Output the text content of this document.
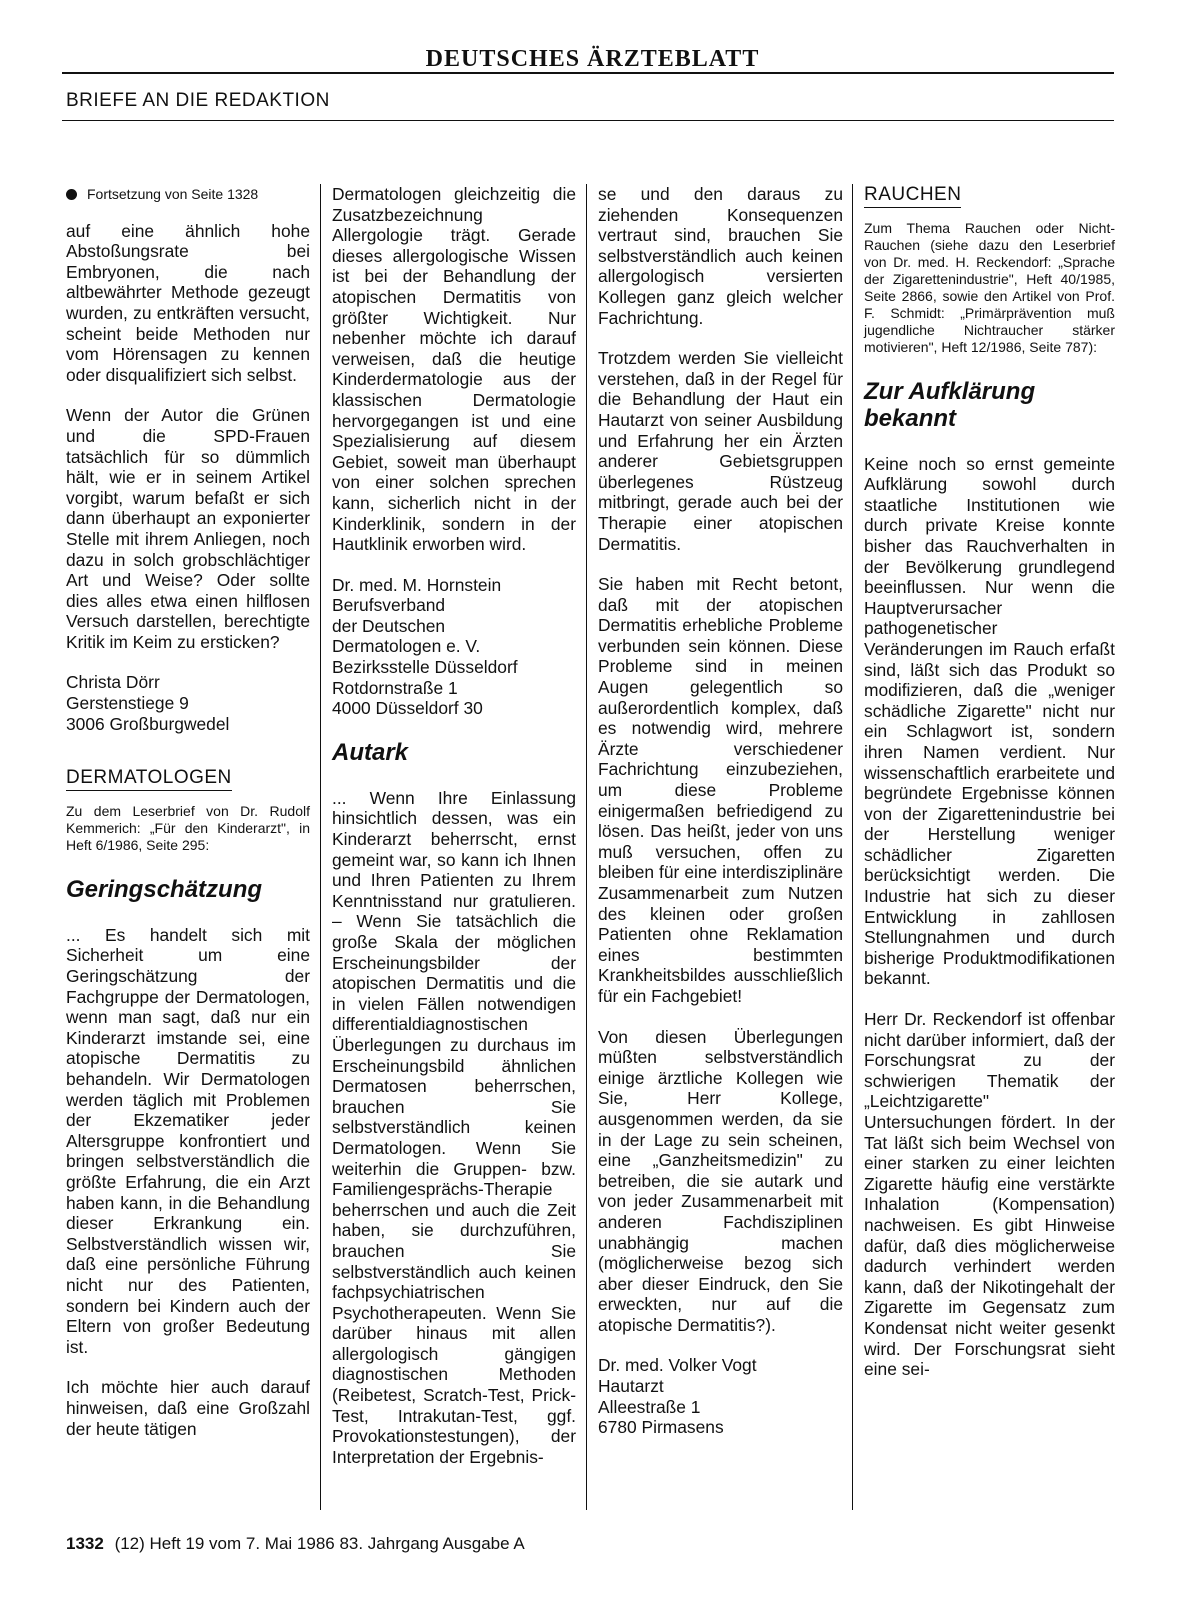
DEUTSCHES ÄRZTEBLATT
BRIEFE AN DIE REDAKTION
Fortsetzung von Seite 1328

auf eine ähnlich hohe Abstoßungsrate bei Embryonen, die nach altbewährter Methode gezeugt wurden, zu entkräften versucht, scheint beide Methoden nur vom Hörensagen zu kennen oder disqualifiziert sich selbst.

Wenn der Autor die Grünen und die SPD-Frauen tatsächlich für so dümmlich hält, wie er in seinem Artikel vorgibt, warum befaßt er sich dann überhaupt an exponierter Stelle mit ihrem Anliegen, noch dazu in solch grobschlächtiger Art und Weise? Oder sollte dies alles etwa einen hilflosen Versuch darstellen, berechtigte Kritik im Keim zu ersticken?

Christa Dörr
Gerstenstiege 9
3006 Großburgwedel
DERMATOLOGEN
Zu dem Leserbrief von Dr. Rudolf Kemmerich: „Für den Kinderarzt", in Heft 6/1986, Seite 295:
Geringschätzung

... Es handelt sich mit Sicherheit um eine Geringschätzung der Fachgruppe der Dermatologen, wenn man sagt, daß nur ein Kinderarzt imstande sei, eine atopische Dermatitis zu behandeln. Wir Dermatologen werden täglich mit Problemen der Ekzematiker jeder Altersgruppe konfrontiert und bringen selbstverständlich die größte Erfahrung, die ein Arzt haben kann, in die Behandlung dieser Erkrankung ein. Selbstverständlich wissen wir, daß eine persönliche Führung nicht nur des Patienten, sondern bei Kindern auch der Eltern von großer Bedeutung ist.

Ich möchte hier auch darauf hinweisen, daß eine Großzahl der heute tätigen

Dermatologen gleichzeitig die Zusatzbezeichnung Allergologie trägt. Gerade dieses allergologische Wissen ist bei der Behandlung der atopischen Dermatitis von größter Wichtigkeit. Nur nebenher möchte ich darauf verweisen, daß die heutige Kinderdermatologie aus der klassischen Dermatologie hervorgegangen ist und eine Spezialisierung auf diesem Gebiet, soweit man überhaupt von einer solchen sprechen kann, sicherlich nicht in der Kinderklinik, sondern in der Hautklinik erworben wird.

Dr. med. M. Hornstein
Berufsverband
der Deutschen
Dermatologen e. V.
Bezirksstelle Düsseldorf
Rotdornstraße 1
4000 Düsseldorf 30
Autark

... Wenn Ihre Einlassung hinsichtlich dessen, was ein Kinderarzt beherrscht, ernst gemeint war, so kann ich Ihnen und Ihren Patienten zu Ihrem Kenntnisstand nur gratulieren. – Wenn Sie tatsächlich die große Skala der möglichen Erscheinungsbilder der atopischen Dermatitis und die in vielen Fällen notwendigen differentialdiagnostischen Überlegungen zu durchaus im Erscheinungsbild ähnlichen Dermatosen beherrschen, brauchen Sie selbstverständlich keinen Dermatologen. Wenn Sie weiterhin die Gruppen- bzw. Familiengesprächs-Therapie beherrschen und auch die Zeit haben, sie durchzuführen, brauchen Sie selbstverständlich auch keinen fachpsychiatrischen Psychotherapeuten. Wenn Sie darüber hinaus mit allen allergologisch gängigen diagnostischen Methoden (Reibetest, Scratch-Test, Prick-Test, Intrakutan-Test, ggf. Provokationstestungen), der Interpretation der Ergebnis-

se und den daraus zu ziehenden Konsequenzen vertraut sind, brauchen Sie selbstverständlich auch keinen allergologisch versierten Kollegen ganz gleich welcher Fachrichtung.

Trotzdem werden Sie vielleicht verstehen, daß in der Regel für die Behandlung der Haut ein Hautarzt von seiner Ausbildung und Erfahrung her ein Ärzten anderer Gebietsgruppen überlegenes Rüstzeug mitbringt, gerade auch bei der Therapie einer atopischen Dermatitis.

Sie haben mit Recht betont, daß mit der atopischen Dermatitis erhebliche Probleme verbunden sein können. Diese Probleme sind in meinen Augen gelegentlich so außerordentlich komplex, daß es notwendig wird, mehrere Ärzte verschiedener Fachrichtung einzubeziehen, um diese Probleme einigermaßen befriedigend zu lösen. Das heißt, jeder von uns muß versuchen, offen zu bleiben für eine interdisziplinäre Zusammenarbeit zum Nutzen des kleinen oder großen Patienten ohne Reklamation eines bestimmten Krankheitsbildes ausschließlich für ein Fachgebiet!

Von diesen Überlegungen müßten selbstverständlich einige ärztliche Kollegen wie Sie, Herr Kollege, ausgenommen werden, da sie in der Lage zu sein scheinen, eine „Ganzheitsmedizin" zu betreiben, die sie autark und von jeder Zusammenarbeit mit anderen Fachdisziplinen unabhängig machen (möglicherweise bezog sich aber dieser Eindruck, den Sie erweckten, nur auf die atopische Dermatitis?).

Dr. med. Volker Vogt
Hautarzt
Alleestraße 1
6780 Pirmasens
RAUCHEN
Zum Thema Rauchen oder Nicht-Rauchen (siehe dazu den Leserbrief von Dr. med. H. Reckendorf: „Sprache der Zigarettenindustrie", Heft 40/1985, Seite 2866, sowie den Artikel von Prof. F. Schmidt: „Primärprävention muß jugendliche Nichtraucher stärker motivieren", Heft 12/1986, Seite 787):
Zur Aufklärung bekannt

Keine noch so ernst gemeinte Aufklärung sowohl durch staatliche Institutionen wie durch private Kreise konnte bisher das Rauchverhalten in der Bevölkerung grundlegend beeinflussen. Nur wenn die Hauptverursacher pathogenetischer Veränderungen im Rauch erfaßt sind, läßt sich das Produkt so modifizieren, daß die „weniger schädliche Zigarette" nicht nur ein Schlagwort ist, sondern ihren Namen verdient. Nur wissenschaftlich erarbeitete und begründete Ergebnisse können von der Zigarettenindustrie bei der Herstellung weniger schädlicher Zigaretten berücksichtigt werden. Die Industrie hat sich zu dieser Entwicklung in zahllosen Stellungnahmen und durch bisherige Produktmodifikationen bekannt.

Herr Dr. Reckendorf ist offenbar nicht darüber informiert, daß der Forschungsrat zu der schwierigen Thematik der „Leichtzigarette" Untersuchungen fördert. In der Tat läßt sich beim Wechsel von einer starken zu einer leichten Zigarette häufig eine verstärkte Inhalation (Kompensation) nachweisen. Es gibt Hinweise dafür, daß dies möglicherweise dadurch verhindert werden kann, daß der Nikotingehalt der Zigarette im Gegensatz zum Kondensat nicht weiter gesenkt wird. Der Forschungsrat sieht eine sei-

1332 (12) Heft 19 vom 7. Mai 1986 83. Jahrgang Ausgabe A
